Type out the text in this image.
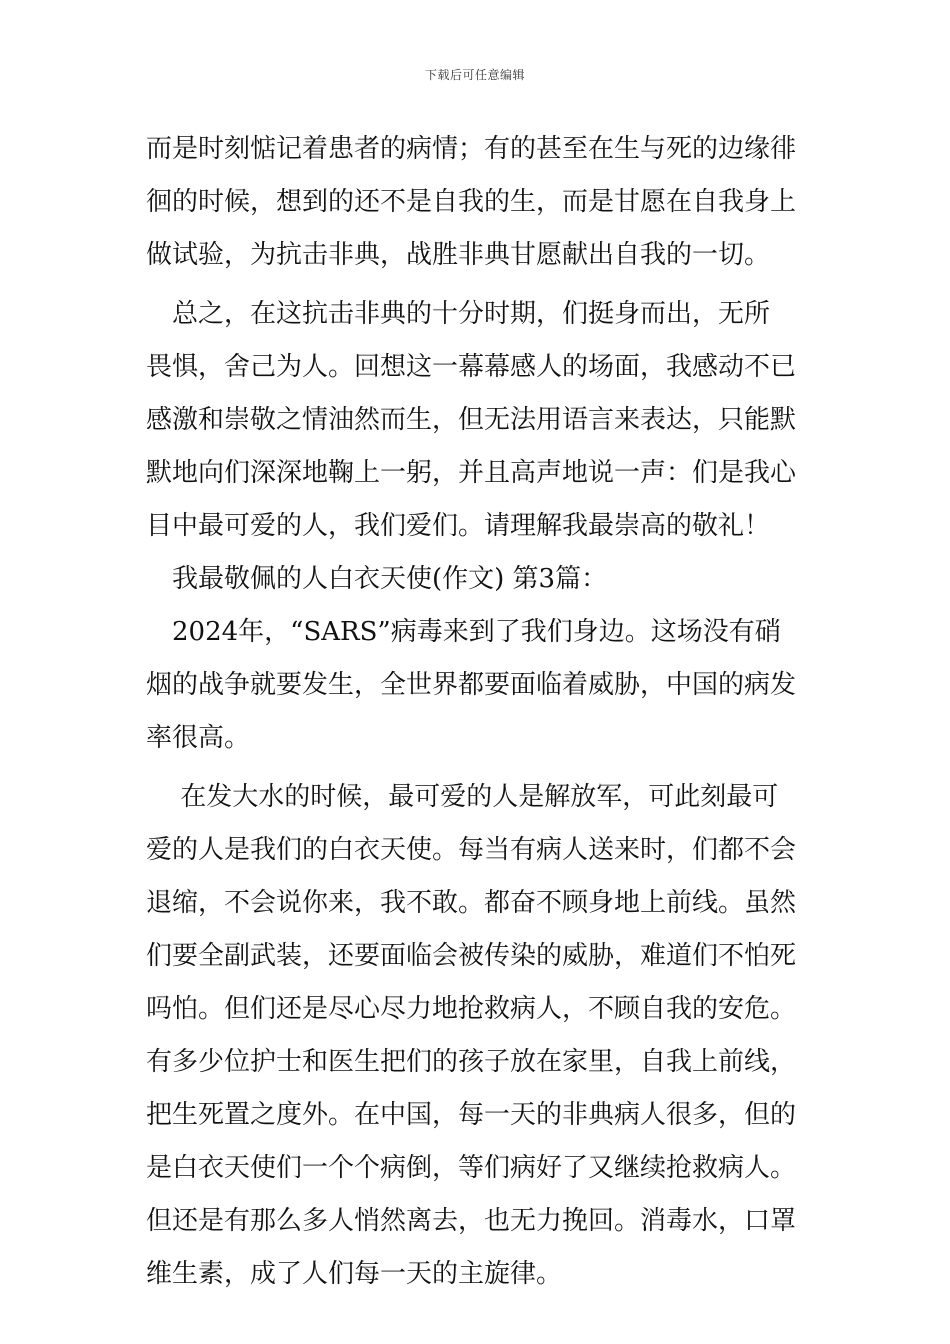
下载后可任意编辑
而是时刻惦记着患者的病情；有的甚至在生与死的边缘徘
徊的时候，想到的还不是自我的生，而是甘愿在自我身上
做试验，为抗击非典，战胜非典甘愿献出自我的一切。
　总之，在这抗击非典的十分时期，们挺身而出，无所
畏惧，舍己为人。回想这一幕幕感人的场面，我感动不已
感激和崇敬之情油然而生，但无法用语言来表达，只能默
默地向们深深地鞠上一躬，并且高声地说一声：们是我心
目中最可爱的人，我们爱们。请理解我最崇高的敬礼！
　我最敬佩的人白衣天使(作文) 第3篇：
　2024年，“SARS”病毒来到了我们身边。这场没有硝
烟的战争就要发生，全世界都要面临着威胁，中国的病发
率很高。
　 在发大水的时候，最可爱的人是解放军，可此刻最可
爱的人是我们的白衣天使。每当有病人送来时，们都不会
退缩，不会说你来，我不敢。都奋不顾身地上前线。虽然
们要全副武装，还要面临会被传染的威胁，难道们不怕死
吗怕。但们还是尽心尽力地抢救病人，不顾自我的安危。
有多少位护士和医生把们的孩子放在家里，自我上前线，
把生死置之度外。在中国，每一天的非典病人很多，但的
是白衣天使们一个个病倒，等们病好了又继续抢救病人。
但还是有那么多人悄然离去，也无力挽回。消毒水，口罩
维生素，成了人们每一天的主旋律。
